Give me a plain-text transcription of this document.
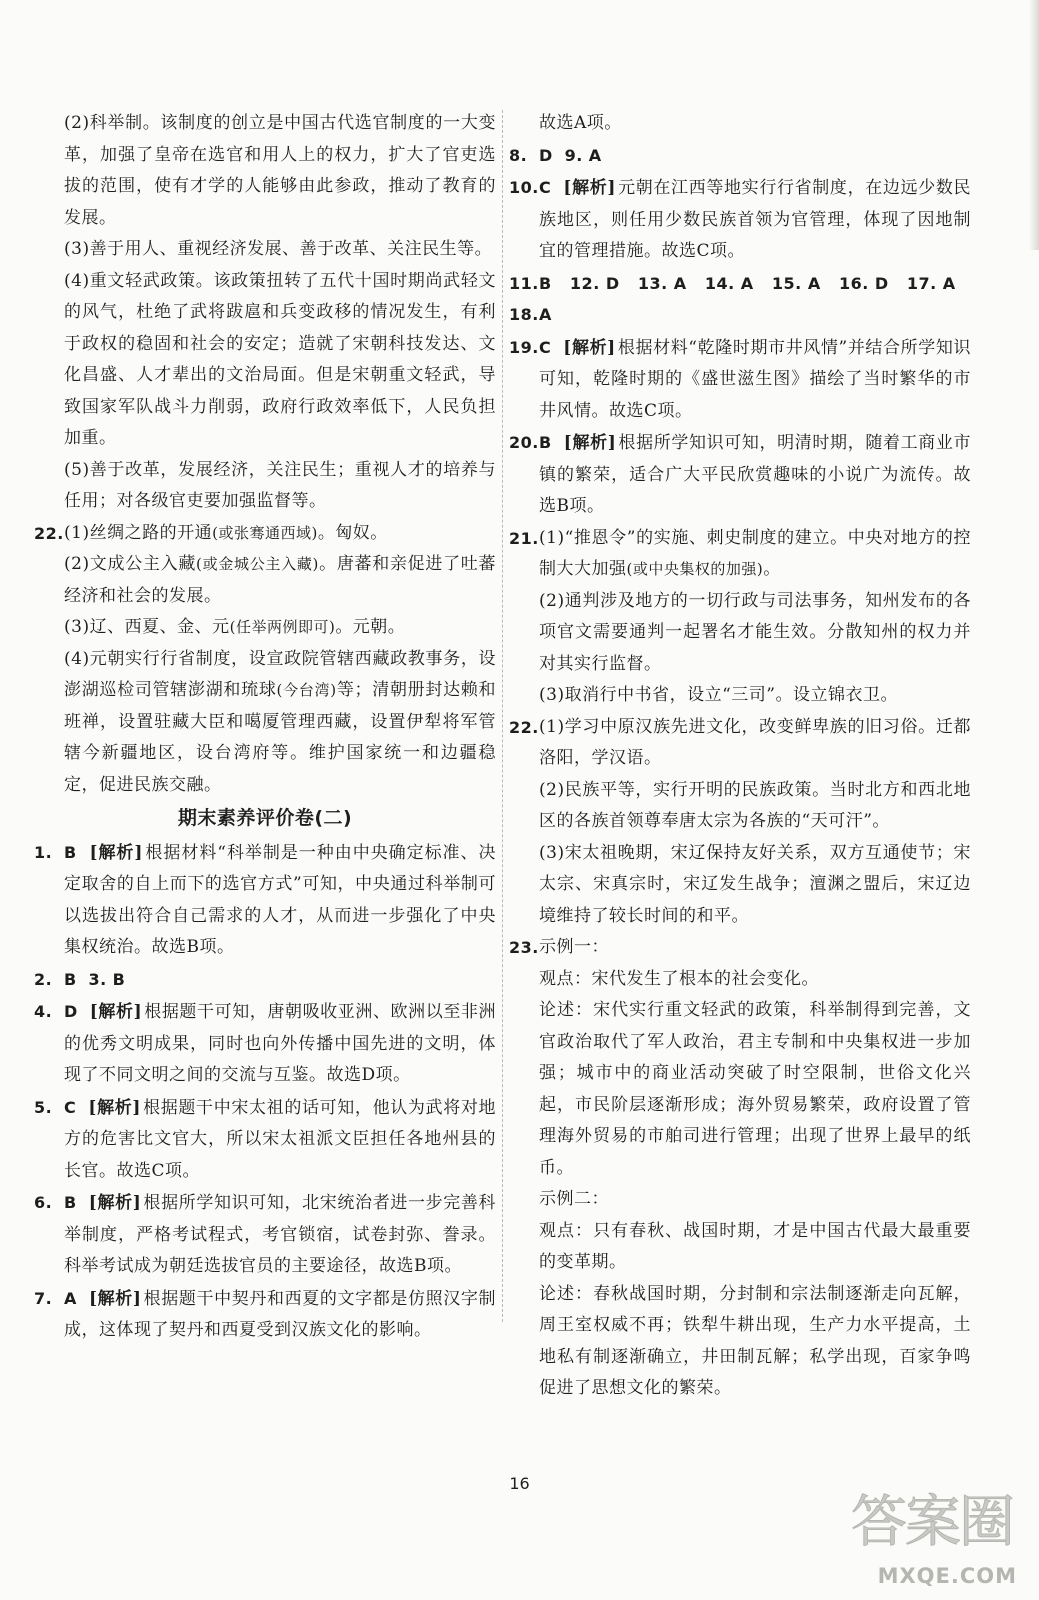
(2)科举制。该制度的创立是中国古代选官制度的一大变革，加强了皇帝在选官和用人上的权力，扩大了官吏选拔的范围，使有才学的人能够由此参政，推动了教育的发展。

(3)善于用人、重视经济发展、善于改革、关注民生等。

(4)重文轻武政策。该政策扭转了五代十国时期尚武轻文的风气，杜绝了武将跋扈和兵变政移的情况发生，有利于政权的稳固和社会的安定；造就了宋朝科技发达、文化昌盛、人才辈出的文治局面。但是宋朝重文轻武，导致国家军队战斗力削弱，政府行政效率低下，人民负担加重。

(5)善于改革，发展经济，关注民生；重视人才的培养与任用；对各级官吏要加强监督等。

22. (1)丝绸之路的开通(或张骞通西域)。匈奴。
(2)文成公主入藏(或金城公主入藏)。唐蕃和亲促进了吐蕃经济和社会的发展。
(3)辽、西夏、金、元(任举两例即可)。元朝。
(4)元朝实行行省制度，设宣政院管辖西藏政教事务，设澎湖巡检司管辖澎湖和琉球(今台湾)等；清朝册封达赖和班禅，设置驻藏大臣和噶厦管理西藏，设置伊犁将军管辖今新疆地区，设台湾府等。维护国家统一和边疆稳定，促进民族交融。
期末素养评价卷(二)
1. B [解析] 根据材料“科举制是一种由中央确定标准、决定取舍的自上而下的选官方式”可知，中央通过科举制可以选拔出符合自己需求的人才，从而进一步强化了中央集权统治。故选B项。
2. B 3. B
4. D [解析] 根据题干可知，唐朝吸收亚洲、欧洲以至非洲的优秀文明成果，同时也向外传播中国先进的文明，体现了不同文明之间的交流与互鉴。故选D项。
5. C [解析] 根据题干中宋太祖的话可知，他认为武将对地方的危害比文官大，所以宋太祖派文臣担任各地州县的长官。故选C项。
6. B [解析] 根据所学知识可知，北宋统治者进一步完善科举制度，严格考试程式，考官锁宿，试卷封弥、誊录。科举考试成为朝廷选拔官员的主要途径，故选B项。
7. A [解析] 根据题干中契丹和西夏的文字都是仿照汉字制成，这体现了契丹和西夏受到汉族文化的影响。

故选A项。

8. D 9. A
10. C [解析] 元朝在江西等地实行行省制度，在边远少数民族地区，则任用少数民族首领为官管理，体现了因地制宜的管理措施。故选C项。
11. B 12. D 13. A 14. A 15. A 16. D 17. A
18. A
19. C [解析] 根据材料“乾隆时期市井风情”并结合所学知识可知，乾隆时期的《盛世滋生图》描绘了当时繁华的市井风情。故选C项。
20. B [解析] 根据所学知识可知，明清时期，随着工商业市镇的繁荣，适合广大平民欣赏趣味的小说广为流传。故选B项。
21. (1)“推恩令”的实施、刺史制度的建立。中央对地方的控制大大加强(或中央集权的加强)。
(2)通判涉及地方的一切行政与司法事务，知州发布的各项官文需要通判一起署名才能生效。分散知州的权力并对其实行监督。
(3)取消行中书省，设立“三司”。设立锦衣卫。
22. (1)学习中原汉族先进文化，改变鲜卑族的旧习俗。迁都洛阳，学汉语。
(2)民族平等，实行开明的民族政策。当时北方和西北地区的各族首领尊奉唐太宗为各族的“天可汗”。
(3)宋太祖晚期，宋辽保持友好关系，双方互通使节；宋太宗、宋真宗时，宋辽发生战争；澶渊之盟后，宋辽边境维持了较长时间的和平。
23. 示例一：
观点：宋代发生了根本的社会变化。
论述：宋代实行重文轻武的政策，科举制得到完善，文官政治取代了军人政治，君主专制和中央集权进一步加强；城市中的商业活动突破了时空限制，世俗文化兴起，市民阶层逐渐形成；海外贸易繁荣，政府设置了管理海外贸易的市舶司进行管理；出现了世界上最早的纸币。
示例二：
观点：只有春秋、战国时期，才是中国古代最大最重要的变革期。
论述：春秋战国时期，分封制和宗法制逐渐走向瓦解，周王室权威不再；铁犁牛耕出现，生产力水平提高，土地私有制逐渐确立，井田制瓦解；私学出现，百家争鸣促进了思想文化的繁荣。
16
答案圈
MXQE.COM
